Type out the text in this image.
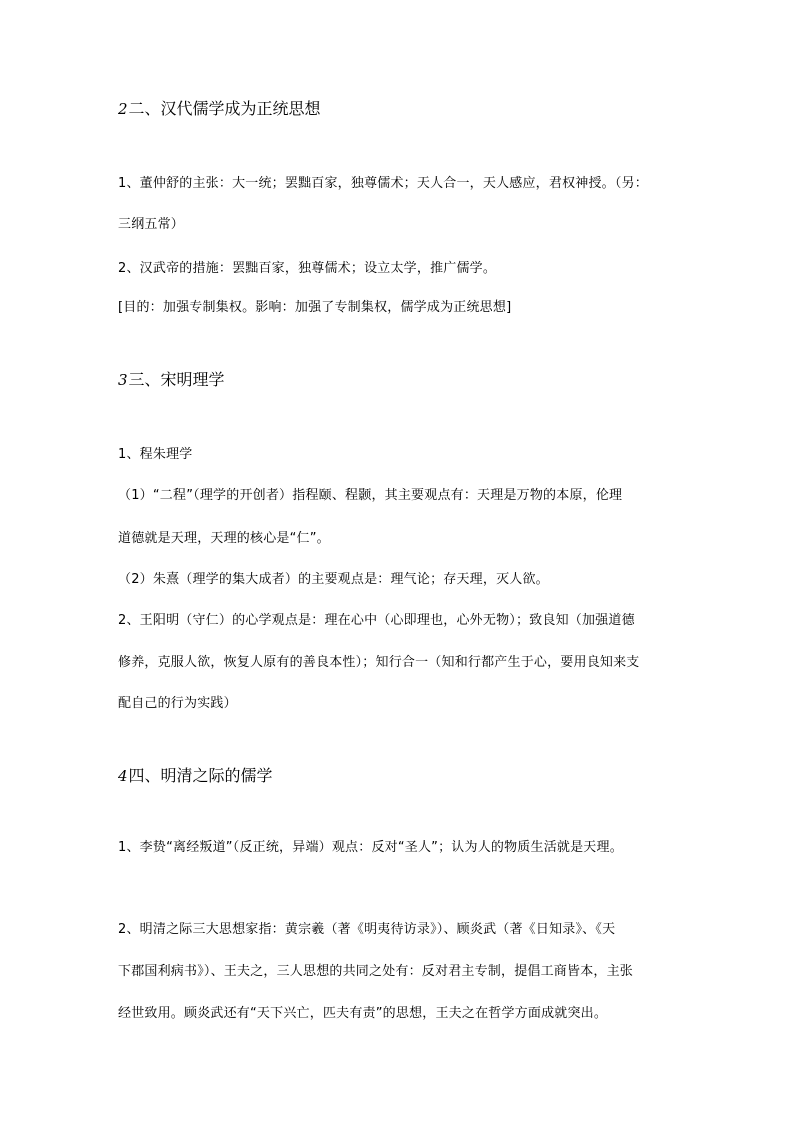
2二、汉代儒学成为正统思想
1、董仲舒的主张：大一统；罢黜百家，独尊儒术；天人合一，天人感应，君权神授。（另：
三纲五常）
2、汉武帝的措施：罢黜百家，独尊儒术；设立太学，推广儒学。
[目的：加强专制集权。影响：加强了专制集权，儒学成为正统思想]
3三、宋明理学
1、程朱理学
（1）“二程”（理学的开创者）指程颐、程颢，其主要观点有：天理是万物的本原，伦理
道德就是天理，天理的核心是“仁”。
（2）朱熹（理学的集大成者）的主要观点是：理气论；存天理，灭人欲。
2、王阳明（守仁）的心学观点是：理在心中（心即理也，心外无物）；致良知（加强道德
修养，克服人欲，恢复人原有的善良本性）；知行合一（知和行都产生于心，要用良知来支
配自己的行为实践）
4四、明清之际的儒学
1、李贽“离经叛道”（反正统，异端）观点：反对“圣人”；认为人的物质生活就是天理。
2、明清之际三大思想家指：黄宗羲（著《明夷待访录》）、顾炎武（著《日知录》、《天
下郡国利病书》）、王夫之，三人思想的共同之处有：反对君主专制，提倡工商皆本，主张
经世致用。顾炎武还有“天下兴亡，匹夫有责”的思想，王夫之在哲学方面成就突出。
